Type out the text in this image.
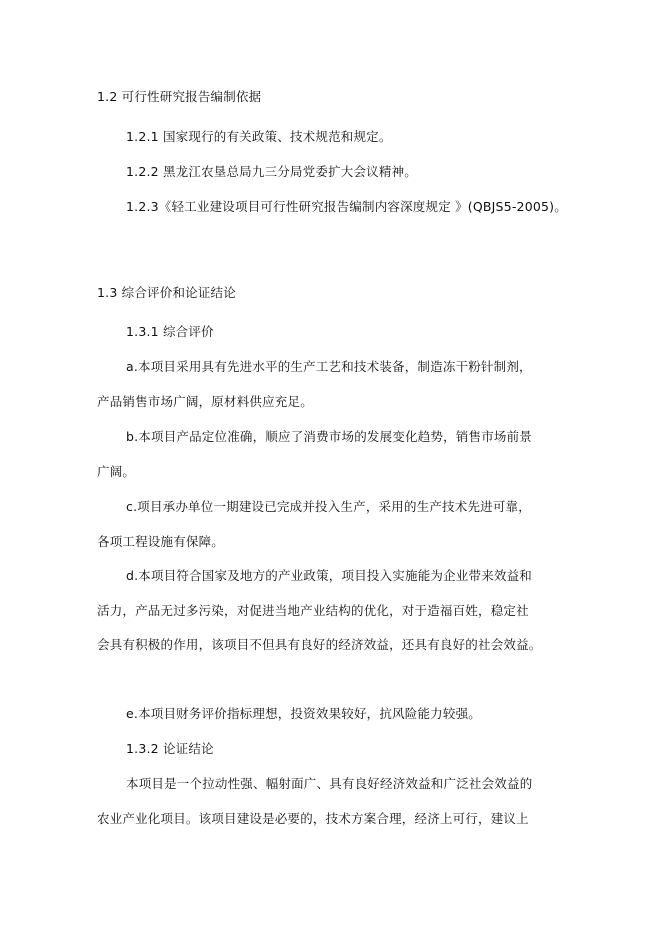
1.2 可行性研究报告编制依据
1.2.1 国家现行的有关政策、技术规范和规定。
1.2.2 黑龙江农垦总局九三分局党委扩大会议精神。
1.2.3《轻工业建设项目可行性研究报告编制内容深度规定 》(QBJS5-2005)。
1.3 综合评价和论证结论
1.3.1 综合评价
a.本项目采用具有先进水平的生产工艺和技术装备，制造冻干粉针制剂，
产品销售市场广阔，原材料供应充足。
b.本项目产品定位准确，顺应了消费市场的发展变化趋势，销售市场前景
广阔。
c.项目承办单位一期建设已完成并投入生产，采用的生产技术先进可靠，
各项工程设施有保障。
d.本项目符合国家及地方的产业政策，项目投入实施能为企业带来效益和
活力，产品无过多污染，对促进当地产业结构的优化，对于造福百姓，稳定社
会具有积极的作用，该项目不但具有良好的经济效益，还具有良好的社会效益。
e.本项目财务评价指标理想，投资效果较好，抗风险能力较强。
1.3.2 论证结论
本项目是一个拉动性强、幅射面广、具有良好经济效益和广泛社会效益的
农业产业化项目。该项目建设是必要的，技术方案合理，经济上可行，建议上
